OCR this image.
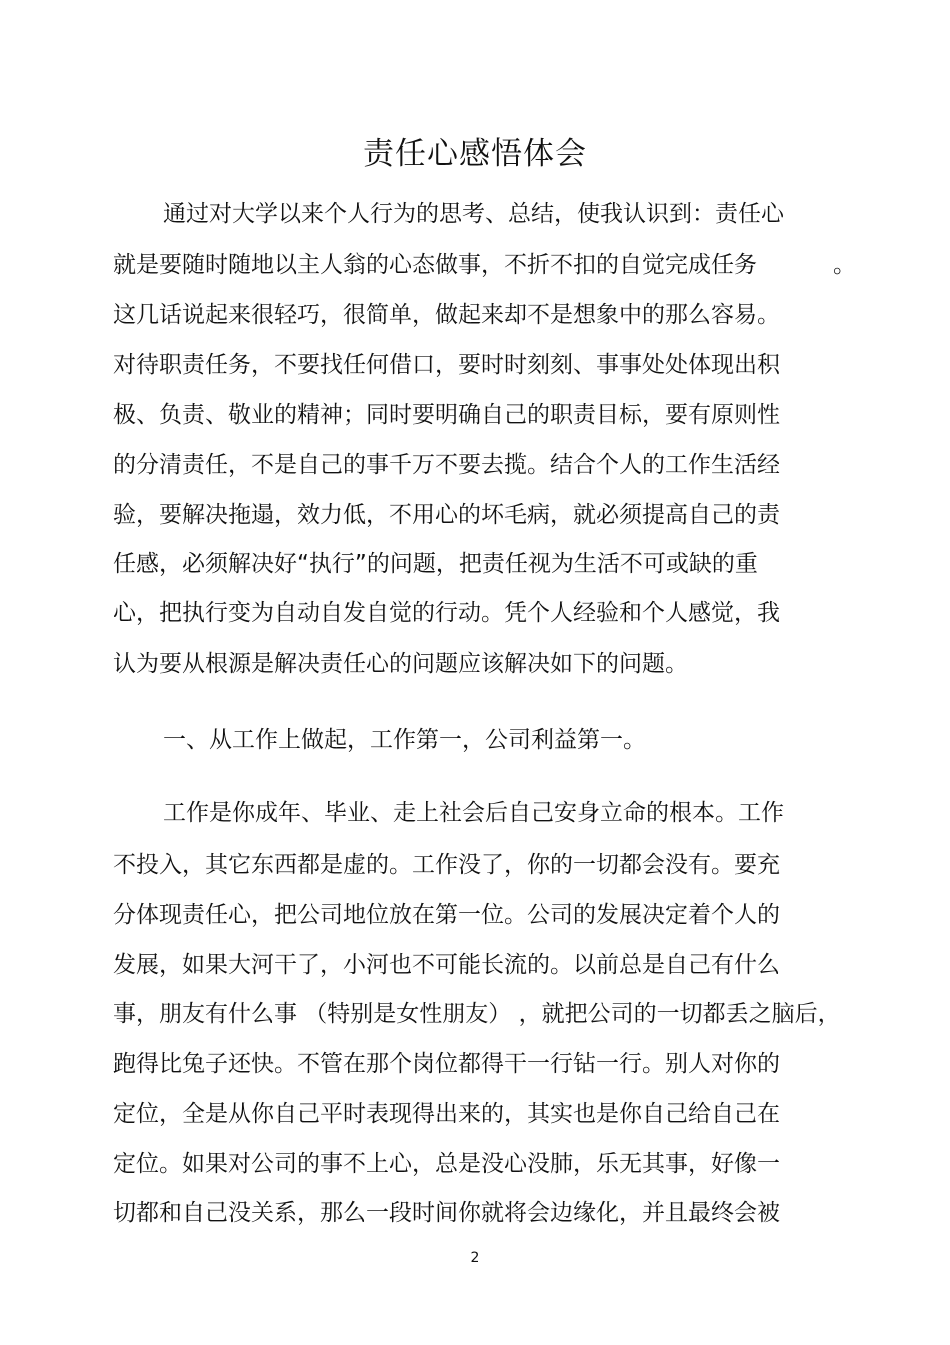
责任心感悟体会
通过对大学以来个人行为的思考、总结，使我认识到：责任心
就是要随时随地以主人翁的心态做事，不折不扣的自觉完成任务	。
这几话说起来很轻巧，很简单，做起来却不是想象中的那么容易。
对待职责任务，不要找任何借口，要时时刻刻、事事处处体现出积
极、负责、敬业的精神；同时要明确自己的职责目标，要有原则性
的分清责任，不是自己的事千万不要去揽。结合个人的工作生活经
验，要解决拖遢，效力低，不用心的坏毛病，就必须提高自己的责
任感，必须解决好“执行”的问题，把责任视为生活不可或缺的重
心，把执行变为自动自发自觉的行动。凭个人经验和个人感觉，我
认为要从根源是解决责任心的问题应该解决如下的问题。
一、从工作上做起，工作第一，公司利益第一。
工作是你成年、毕业、走上社会后自己安身立命的根本。工作
不投入，其它东西都是虚的。工作没了，你的一切都会没有。要充
分体现责任心，把公司地位放在第一位。公司的发展决定着个人的
发展，如果大河干了，小河也不可能长流的。以前总是自己有什么
事，朋友有什么事 （特别是女性朋友） ，就把公司的一切都丢之脑后，
跑得比兔子还快。不管在那个岗位都得干一行钻一行。别人对你的
定位，全是从你自己平时表现得出来的，其实也是你自己给自己在
定位。如果对公司的事不上心，总是没心没肺，乐无其事，好像一
切都和自己没关系，那么一段时间你就将会边缘化，并且最终会被
2
